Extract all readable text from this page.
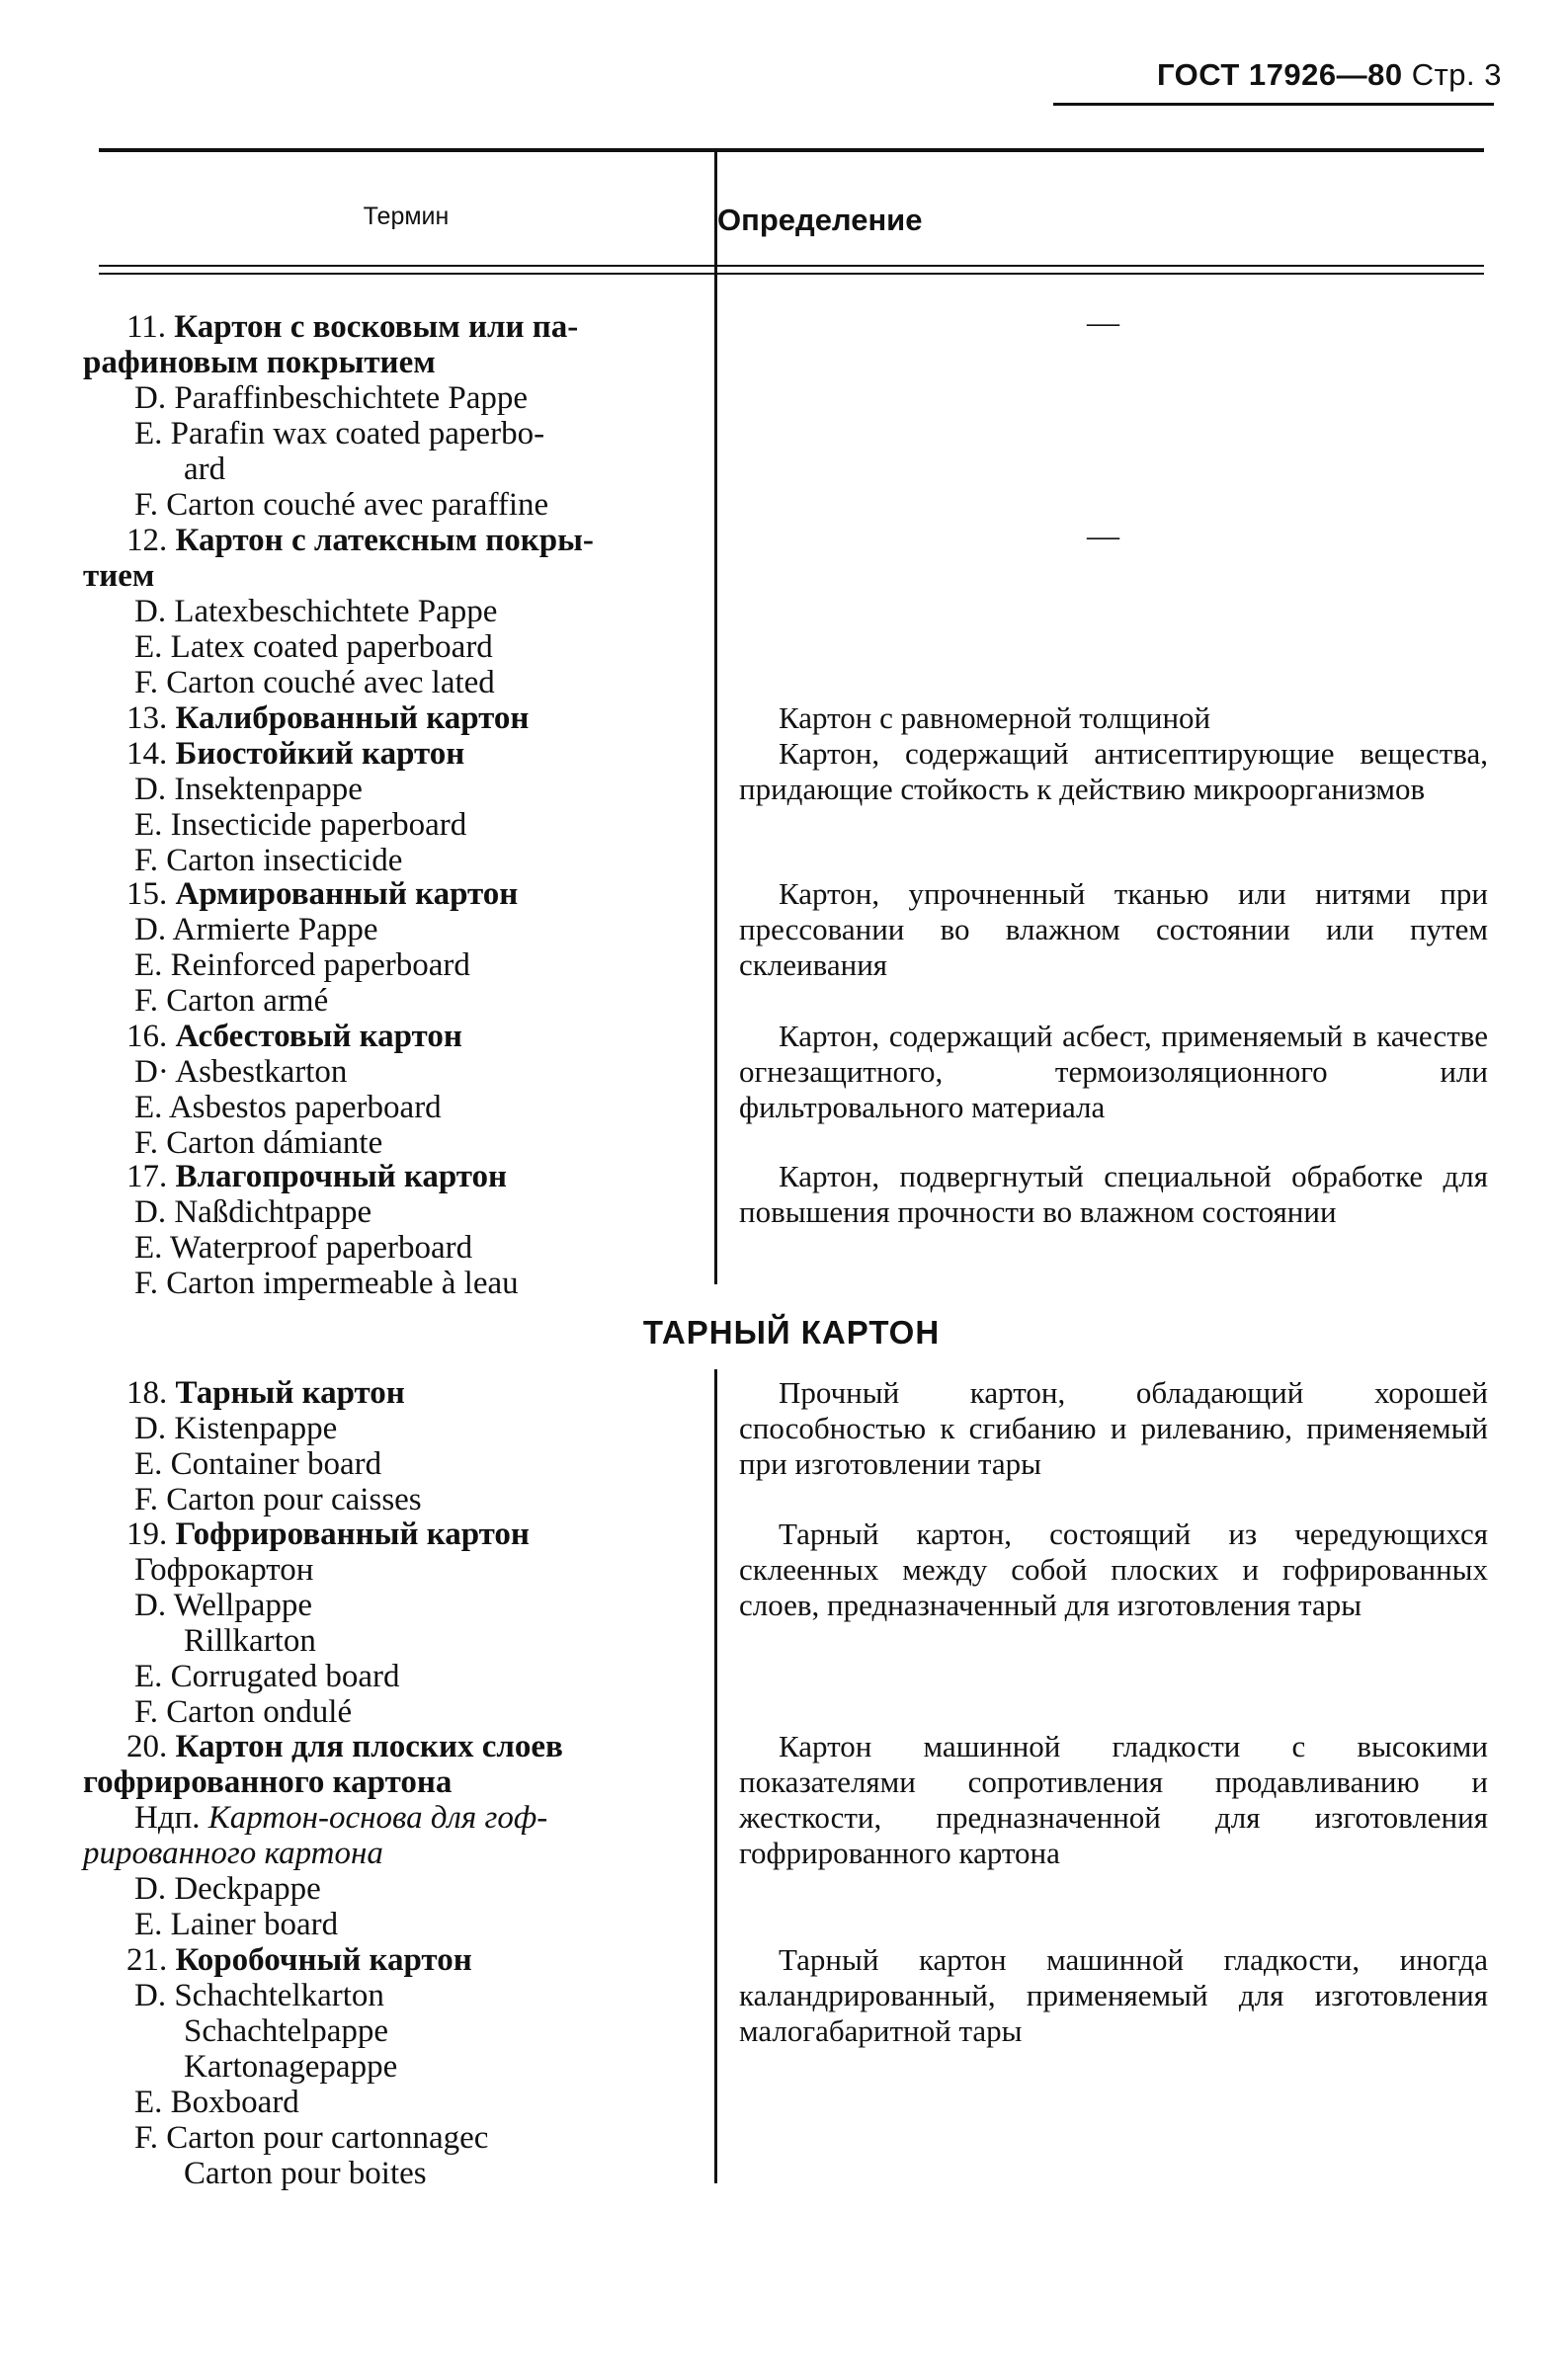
ГОСТ 17926—80 Стр. 3
Термин	Определение
11. Картон с восковым или па-
рафиновым покрытием
D. Paraffinbeschichtete Pappe
E. Parafin wax coated paperbo-
ard
F. Carton couché avec paraffine
—
12. Картон с латексным покры-
тием
D. Latexbeschichtete Pappe
E. Latex coated paperboard
F. Carton couché avec lated
—
13. Калиброванный картон	Картон с равномерной толщиной
14. Биостойкий картон
D. Insektenpappe
E. Insecticide paperboard
F. Carton insecticide
Картон, содержащий антисептирующие вещества, придающие стойкость к действию микроорганизмов
15. Армированный картон
D. Armierte Pappe
E. Reinforced paperboard
F. Carton armé
Картон, упрочненный тканью или нитями при прессовании во влажном состоянии или путем склеивания
16. Асбестовый картон
D· Asbestkarton
E. Asbestos paperboard
F. Carton dámiante
Картон, содержащий асбест, применяемый в качестве огнезащитного, термоизоляционного или фильтровального материала
17. Влагопрочный картон
D. Naßdichtpappe
E. Waterproof paperboard
F. Carton impermeable à leau
Картон, подвергнутый специальной обработке для повышения прочности во влажном состоянии
ТАРНЫЙ КАРТОН
18. Тарный картон
D. Kistenpappe
E. Container board
F. Carton pour caisses
Прочный картон, обладающий хорошей способностью к сгибанию и рилеванию, применяемый при изготовлении тары
19. Гофрированный картон
Гофрокартон
D. Wellpappe
Rillkarton
E. Corrugated board
F. Carton ondulé
Тарный картон, состоящий из чередующихся склеенных между собой плоских и гофрированных слоев, предназначенный для изготовления тары
20. Картон для плоских слоев
гофрированного картона
Ндп. Картон-основа для гоф-
рированного картона
D. Deckpappe
E. Lainer board
Картон машинной гладкости с высокими показателями сопротивления продавливанию и жесткости, предназначенной для изготовления гофрированного картона
21. Коробочный картон
D. Schachtelkarton
Schachtelpappe
Kartonagepappe
E. Boxboard
F. Carton pour cartonnagec
Carton pour boites
Тарный картон машинной гладкости, иногда каландрированный, применяемый для изготовления малогабаритной тары
